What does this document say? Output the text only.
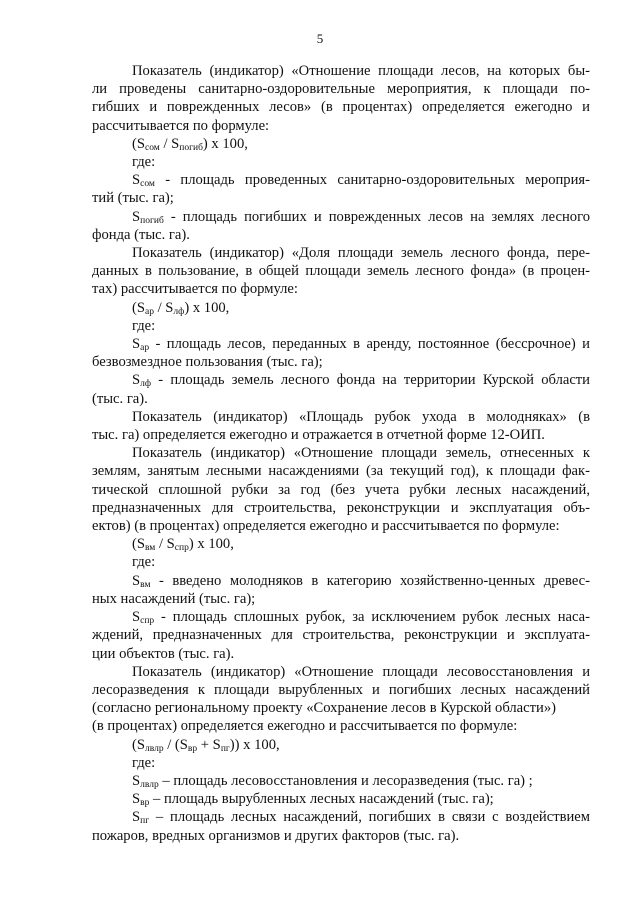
5
Показатель (индикатор) «Отношение площади лесов, на которых бы-
ли проведены санитарно-оздоровительные мероприятия, к площади по-
гибших и поврежденных лесов» (в процентах) определяется ежегодно и
рассчитывается по формуле:
$(S_{сом} / S_{погиб})$ х 100,
где:
$S_{сом}$ - площадь проведенных санитарно-оздоровительных мероприя-
тий (тыс. га);
$S_{погиб}$ - площадь погибших и поврежденных лесов на землях лесного
фонда (тыс. га).
Показатель (индикатор) «Доля площади земель лесного фонда, пере-
данных в пользование, в общей площади земель лесного фонда» (в процен-
тах) рассчитывается по формуле:
$(S_{ар} / S_{лф})$ х 100,
где:
$S_{ар}$ - площадь лесов, переданных в аренду, постоянное (бессрочное) и
безвозмездное пользования (тыс. га);
$S_{лф}$ - площадь земель лесного фонда на территории Курской области
(тыс. га).
Показатель (индикатор) «Площадь рубок ухода в молодняках» (в
тыс. га) определяется ежегодно и отражается в отчетной форме 12-ОИП.
Показатель (индикатор) «Отношение площади земель, отнесенных к
землям, занятым лесными насаждениями (за текущий год), к площади фак-
тической сплошной рубки за год (без учета рубки лесных насаждений,
предназначенных для строительства, реконструкции и эксплуатация объ-
ектов) (в процентах) определяется ежегодно и рассчитывается по формуле:
$(S_{вм} / S_{спр})$ х 100,
где:
$S_{вм}$ - введено молодняков в категорию хозяйственно-ценных древес-
ных насаждений (тыс. га);
$S_{спр}$ - площадь сплошных рубок, за исключением рубок лесных наса-
ждений, предназначенных для строительства, реконструкции и эксплуата-
ции объектов (тыс. га).
Показатель (индикатор) «Отношение площади лесовосстановления и
лесоразведения к площади вырубленных и погибших лесных насаждений
(согласно региональному проекту «Сохранение лесов в Курской области»)
(в процентах) определяется ежегодно и рассчитывается по формуле:
$(S_{лвлр} / (S_{вр} + S_{пг}))$ х 100,
где:
$S_{лвлр}$ – площадь лесовосстановления и лесоразведения (тыс. га) ;
$S_{вр}$ – площадь вырубленных лесных насаждений (тыс. га);
$S_{пг}$ – площадь лесных насаждений, погибших в связи с воздействием
пожаров, вредных организмов и других факторов (тыс. га).
